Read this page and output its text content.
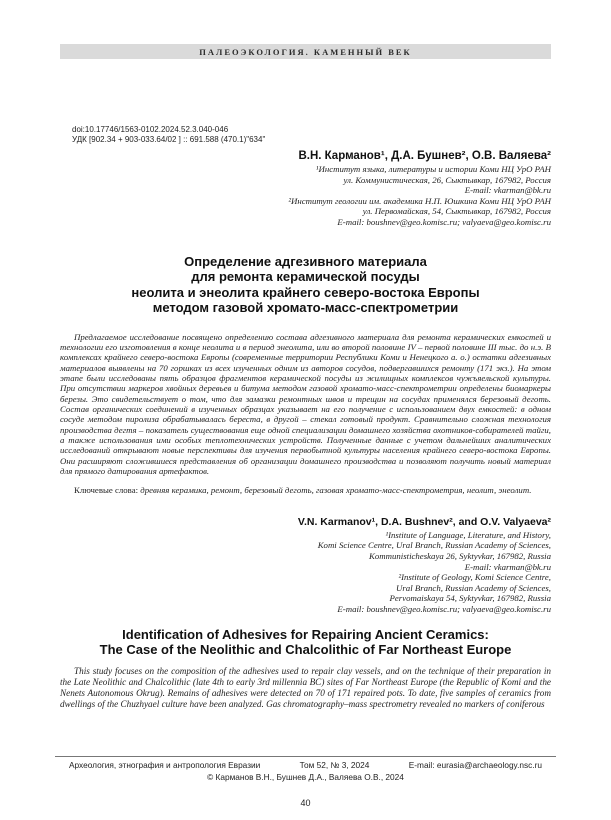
ПАЛЕОЭКОЛОГИЯ. КАМЕННЫЙ ВЕК
doi:10.17746/1563-0102.2024.52.3.040-046
УДК [902.34 + 903-033.64/02 ] :: 691.588 (470.1)"634"
В.Н. Карманов¹, Д.А. Бушнев², О.В. Валяева²
¹Институт языка, литературы и истории Коми НЦ УрО РАН
ул. Коммунистическая, 26, Сыктывкар, 167982, Россия
E-mail: vkarman@bk.ru
²Институт геологии им. академика Н.П. Юшкина Коми НЦ УрО РАН
ул. Первомайская, 54, Сыктывкар, 167982, Россия
E-mail: boushnev@geo.komisc.ru; valyaeva@geo.komisc.ru
Определение адгезивного материала
для ремонта керамической посуды
неолита и энеолита крайнего северо-востока Европы
методом газовой хромато-масс-спектрометрии
Предлагаемое исследование посвящено определению состава адгезивного материала для ремонта керамических емкостей и технологии его изготовления в конце неолита и в период энеолита, или во второй половине IV – первой половине III тыс. до н.э. В комплексах крайнего северо-востока Европы (современные территории Республики Коми и Ненецкого а. о.) остатки адгезивных материалов выявлены на 70 горшках из всех изученных одним из авторов сосудов, подвергавшихся ремонту (171 экз.). На этом этапе были исследованы пять образцов фрагментов керамической посуды из жилищных комплексов чужъяельской культуры. При отсутствии маркеров хвойных деревьев и битума методом газовой хромато-масс-спектрометрии определены биомаркеры березы. Это свидетельствует о том, что для замазки ремонтных швов и трещин на сосудах применялся березовый деготь. Состав органических соединений в изученных образцах указывает на его получение с использованием двух емкостей: в одном сосуде методом пиролиза обрабатывалась береста, в другой – стекал готовый продукт. Сравнительно сложная технология производства дегтя – показатель существования еще одной специализации домашнего хозяйства охотников-собирателей тайги, а также использования ими особых теплотехнических устройств. Полученные данные с учетом дальнейших аналитических исследований открывают новые перспективы для изучения первобытной культуры населения крайнего северо-востока Европы. Они расширяют сложившиеся представления об организации домашнего производства и позволяют получить новый материал для прямого датирования артефактов.
Ключевые слова: древняя керамика, ремонт, березовый деготь, газовая хромато-масс-спектрометрия, неолит, энеолит.
V.N. Karmanov¹, D.A. Bushnev², and O.V. Valyaeva²
¹Institute of Language, Literature, and History,
Komi Science Centre, Ural Branch, Russian Academy of Sciences,
Kommunisticheskaya 26, Syktyvkar, 167982, Russia
E-mail: vkarman@bk.ru
²Institute of Geology, Komi Science Centre,
Ural Branch, Russian Academy of Sciences,
Pervomaiskaya 54, Syktyvkar, 167982, Russia
E-mail: boushnev@geo.komisc.ru; valyaeva@geo.komisc.ru
Identification of Adhesives for Repairing Ancient Ceramics:
The Case of the Neolithic and Chalcolithic of Far Northeast Europe
This study focuses on the composition of the adhesives used to repair clay vessels, and on the technique of their preparation in the Late Neolithic and Chalcolithic (late 4th to early 3rd millennia BC) sites of Far Northeast Europe (the Republic of Komi and the Nenets Autonomous Okrug). Remains of adhesives were detected on 70 of 171 repaired pots. To date, five samples of ceramics from dwellings of the Chuzhyael culture have been analyzed. Gas chromatography–mass spectrometry revealed no markers of coniferous
Археология, этнография и антропология Евразии	Том 52, № 3, 2024	E-mail: eurasia@archaeology.nsc.ru
© Карманов В.Н., Бушнев Д.А., Валяева О.В., 2024
40
